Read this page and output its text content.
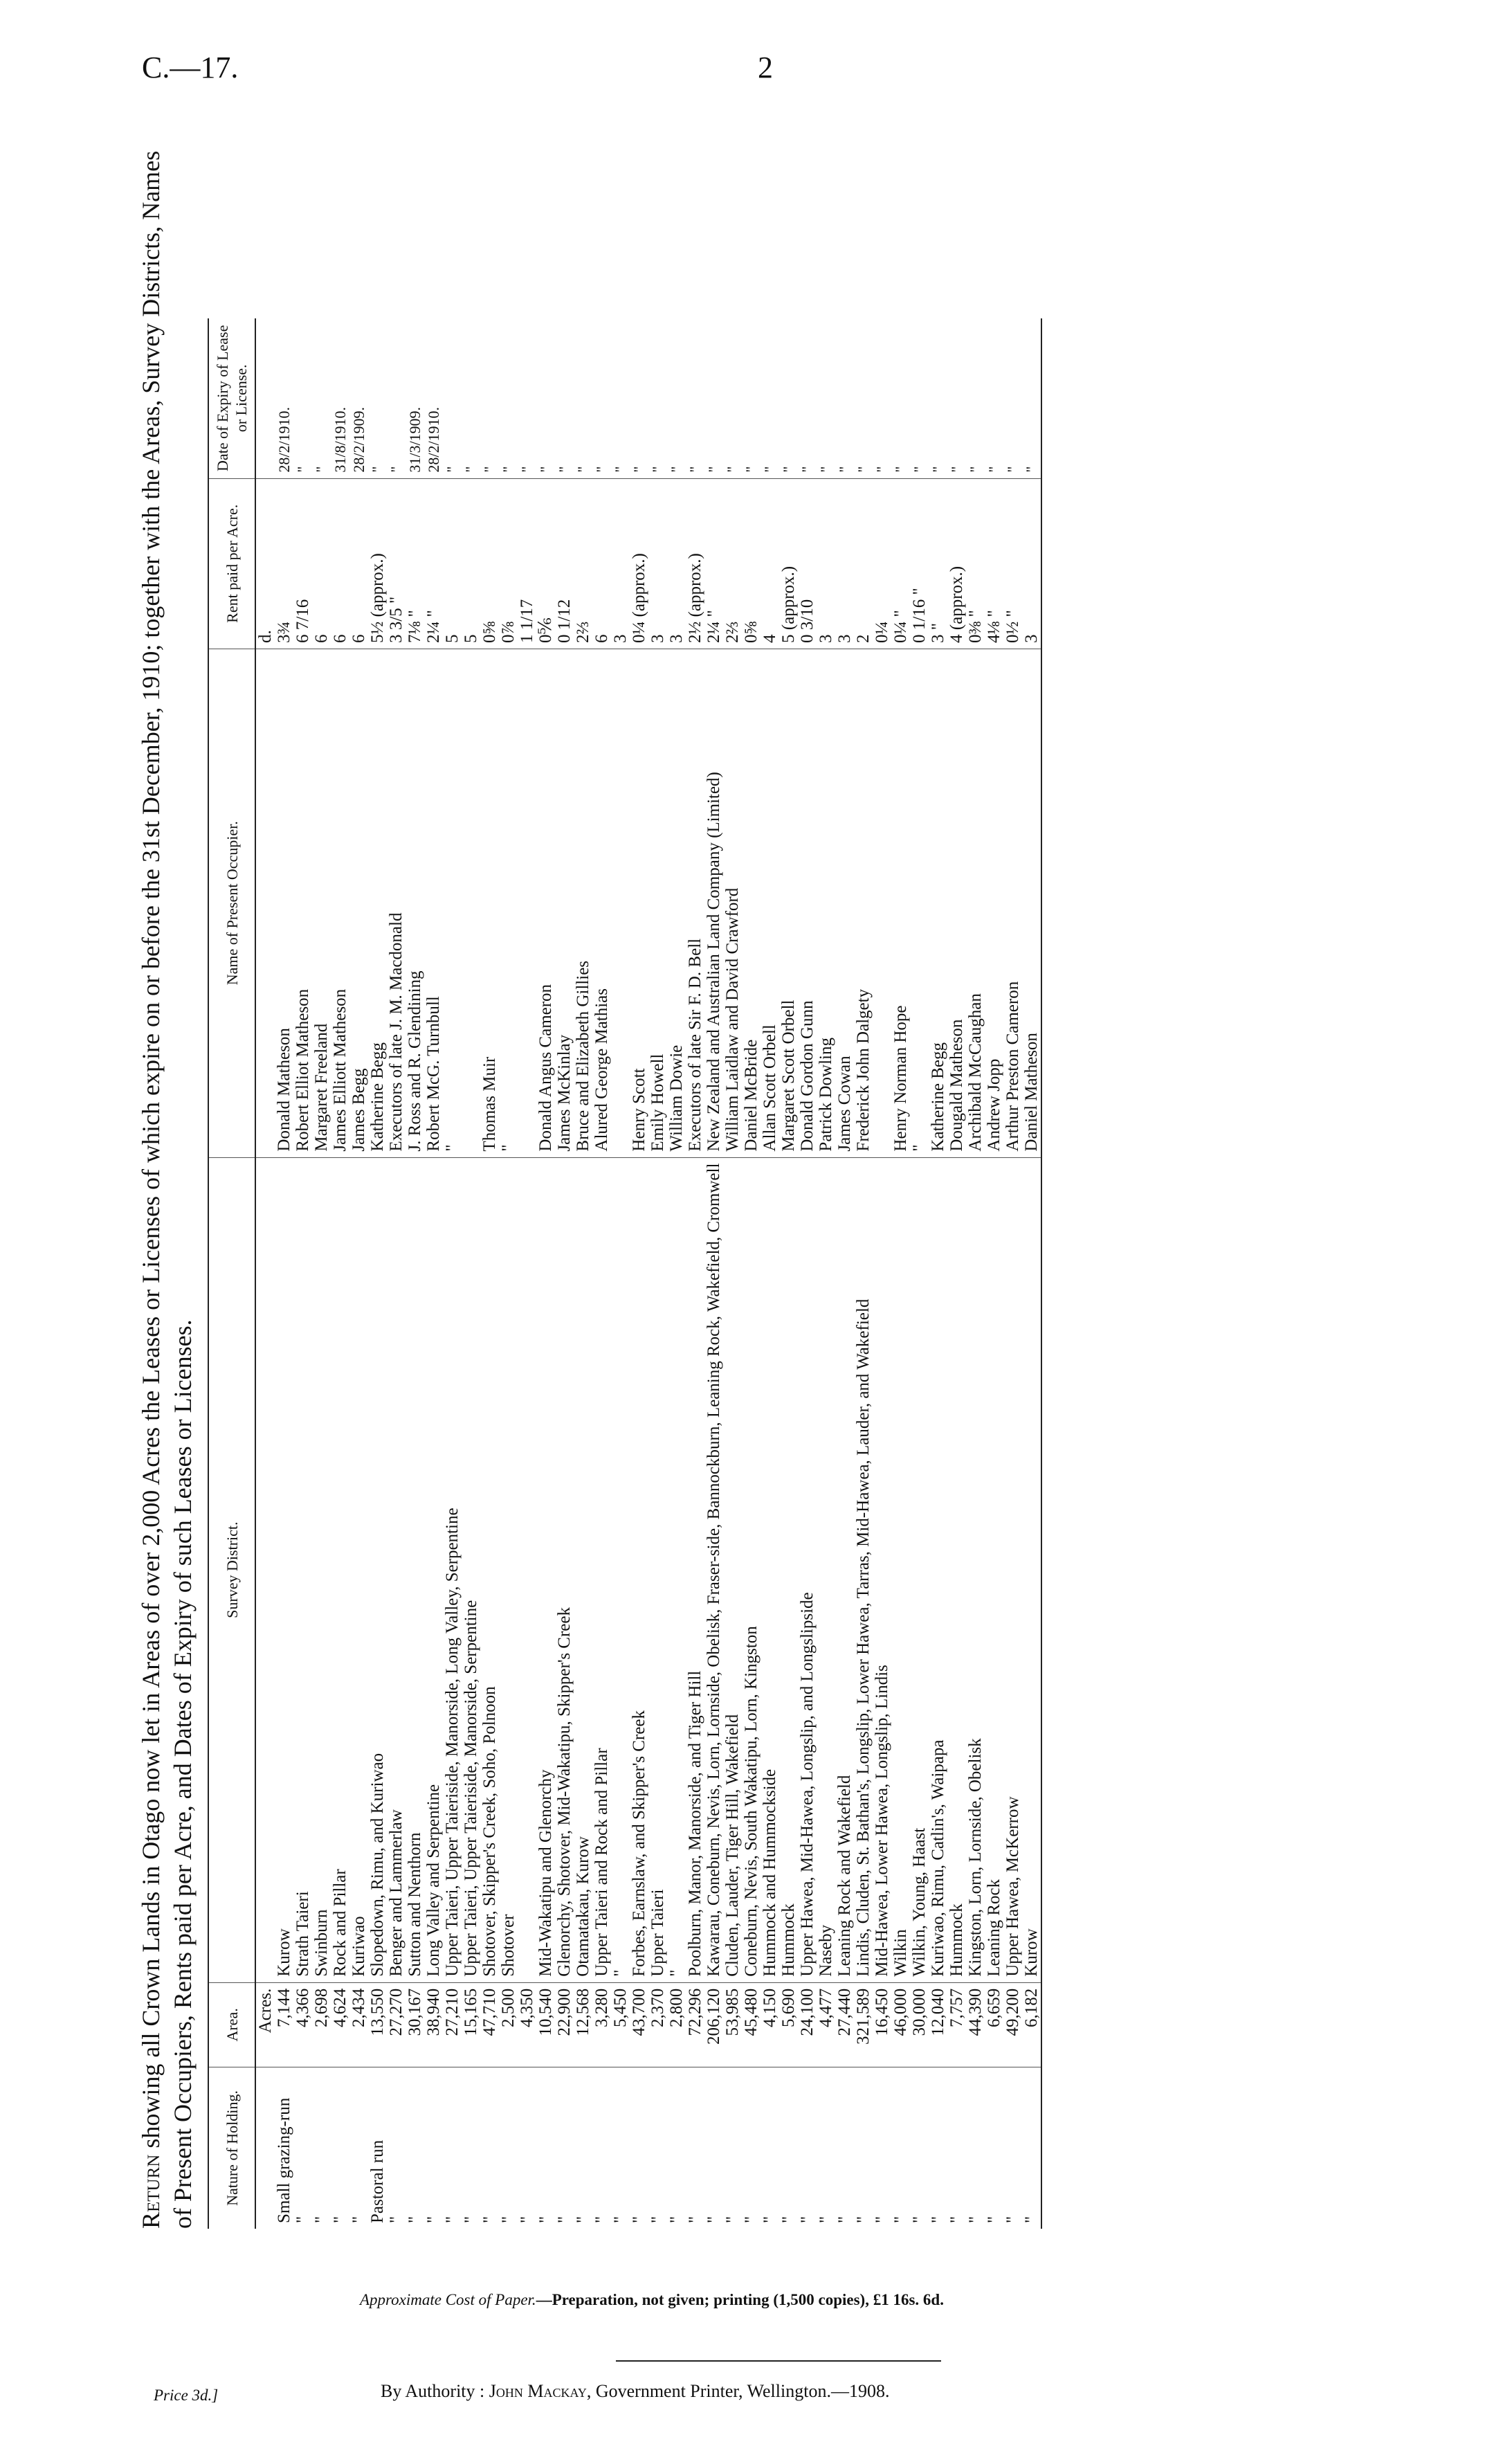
C.—17.	2
Return showing all Crown Lands in Otago now let in Areas of over 2,000 Acres the Leases or Licenses of which expire on or before the 31st December, 1910; together with the Areas, Survey Districts, Names of Present Occupiers, Rents paid per Acre, and Dates of Expiry of such Leases or Licenses. Nature of Holding.	Area.	Survey District.	Name of Present Occupier.	Rent paid per Acre.	Date of Expiry of Lease or License.
	Acres.			d.	
Small grazing-run	7,144	Kurow	Donald Matheson	3¾	28/2/1910.
"	4,366	Strath Taieri	Robert Elliot Matheson	6 7/16	"
"	2,698	Swinburn	Margaret Freeland	6	"
"	4,624	Rock and Pillar	James Elliott Matheson	6	31/8/1910.
"	2,434	Kuriwao	James Begg	6	28/2/1909.
Pastoral run	13,550	Slopedown, Rimu, and Kuriwao	Katherine Begg	5½ (approx.)	"
"	27,270	Benger and Lammerlaw	Executors of late J. M. Macdonald	3 3/5 "	"
"	30,167	Sutton and Nenthorn	J. Ross and R. Glendining	7⅛ "	31/3/1909.
"	38,940	Long Valley and Serpentine	Robert McG. Turnbull	2¼ "	28/2/1910.
"	27,210	Upper Taieri, Upper Taieriside, Manorside, Long Valley, Serpentine	"	5	"
"	15,165	Upper Taieri, Upper Taieriside, Manorside, Serpentine		5	"
"	47,710	Shotover, Skipper's Creek, Soho, Polnoon	Thomas Muir	0⅝	"
"	2,500	Shotover	"	0⅞	"
"	4,350			1 1/17	"
"	10,540	Mid-Wakatipu and Glenorchy	Donald Angus Cameron	0⅚	"
"	22,900	Glenorchy, Shotover, Mid-Wakatipu, Skipper's Creek	James McKinlay	0 1/12	"
"	12,568	Otamatakau, Kurow	Bruce and Elizabeth Gillies	2⅔	"
"	3,280	Upper Taieri and Rock and Pillar	Alured George Mathias	6	"
"	5,450	"		3	"
"	43,700	Forbes, Earnslaw, and Skipper's Creek	Henry Scott	0¼ (approx.)	"
"	2,370	Upper Taieri	Emily Howell	3	"
"	2,800	"	William Dowie	3	"
"	72,296	Poolburn, Manor, Manorside, and Tiger Hill	Executors of late Sir F. D. Bell	2½ (approx.)	"
"	206,120	Kawarau, Coneburn, Nevis, Lorn, Lornside, Obelisk, Fraser-side, Bannockburn, Leaning Rock, Wakefield, Cromwell	New Zealand and Australian Land Company (Limited)	2¼ "	"
"	53,985	Cluden, Lauder, Tiger Hill, Wakefield	William Laidlaw and David Crawford	2⅔	"
"	45,480	Coneburn, Nevis, South Wakatipu, Lorn, Kingston	Daniel McBride	0⅝	"
"	4,150	Hummock and Hummockside	Allan Scott Orbell	4	"
"	5,690	Hummock	Margaret Scott Orbell	5 (approx.)	"
"	24,100	Upper Hawea, Mid-Hawea, Longslip, and Longslipside	Donald Gordon Gunn	0 3/10	"
"	4,477	Naseby	Patrick Dowling	3	"
"	27,440	Leaning Rock and Wakefield	James Cowan	3	"
"	321,589	Lindis, Cluden, St. Bathan's, Longslip, Lower Hawea, Tarras, Mid-Hawea, Lauder, and Wakefield	Frederick John Dalgety	2	"
"	16,450	Mid-Hawea, Lower Hawea, Longslip, Lindis		0¼	"
"	46,000	Wilkin	Henry Norman Hope	0¼ "	"
"	30,000	Wilkin, Young, Haast	"	0 1/16 "	"
"	12,040	Kuriwao, Rimu, Catlin's, Waipapa	Katherine Begg	3 "	"
"	7,757	Hummock	Dougald Matheson	4 (approx.)	"
"	44,390	Kingston, Lorn, Lornside, Obelisk	Archibald McCaughan	0⅜ "	"
"	6,659	Leaning Rock	Andrew Jopp	4⅛ "	"
"	49,200	Upper Hawea, McKerrow	Arthur Preston Cameron	0½ "	"
"	6,182	Kurow	Daniel Matheson	3	"
Approximate Cost of Paper.—Preparation, not given; printing (1,500 copies), £1 16s. 6d.
Price 3d.]	By Authority : John Mackay, Government Printer, Wellington.—1908.
